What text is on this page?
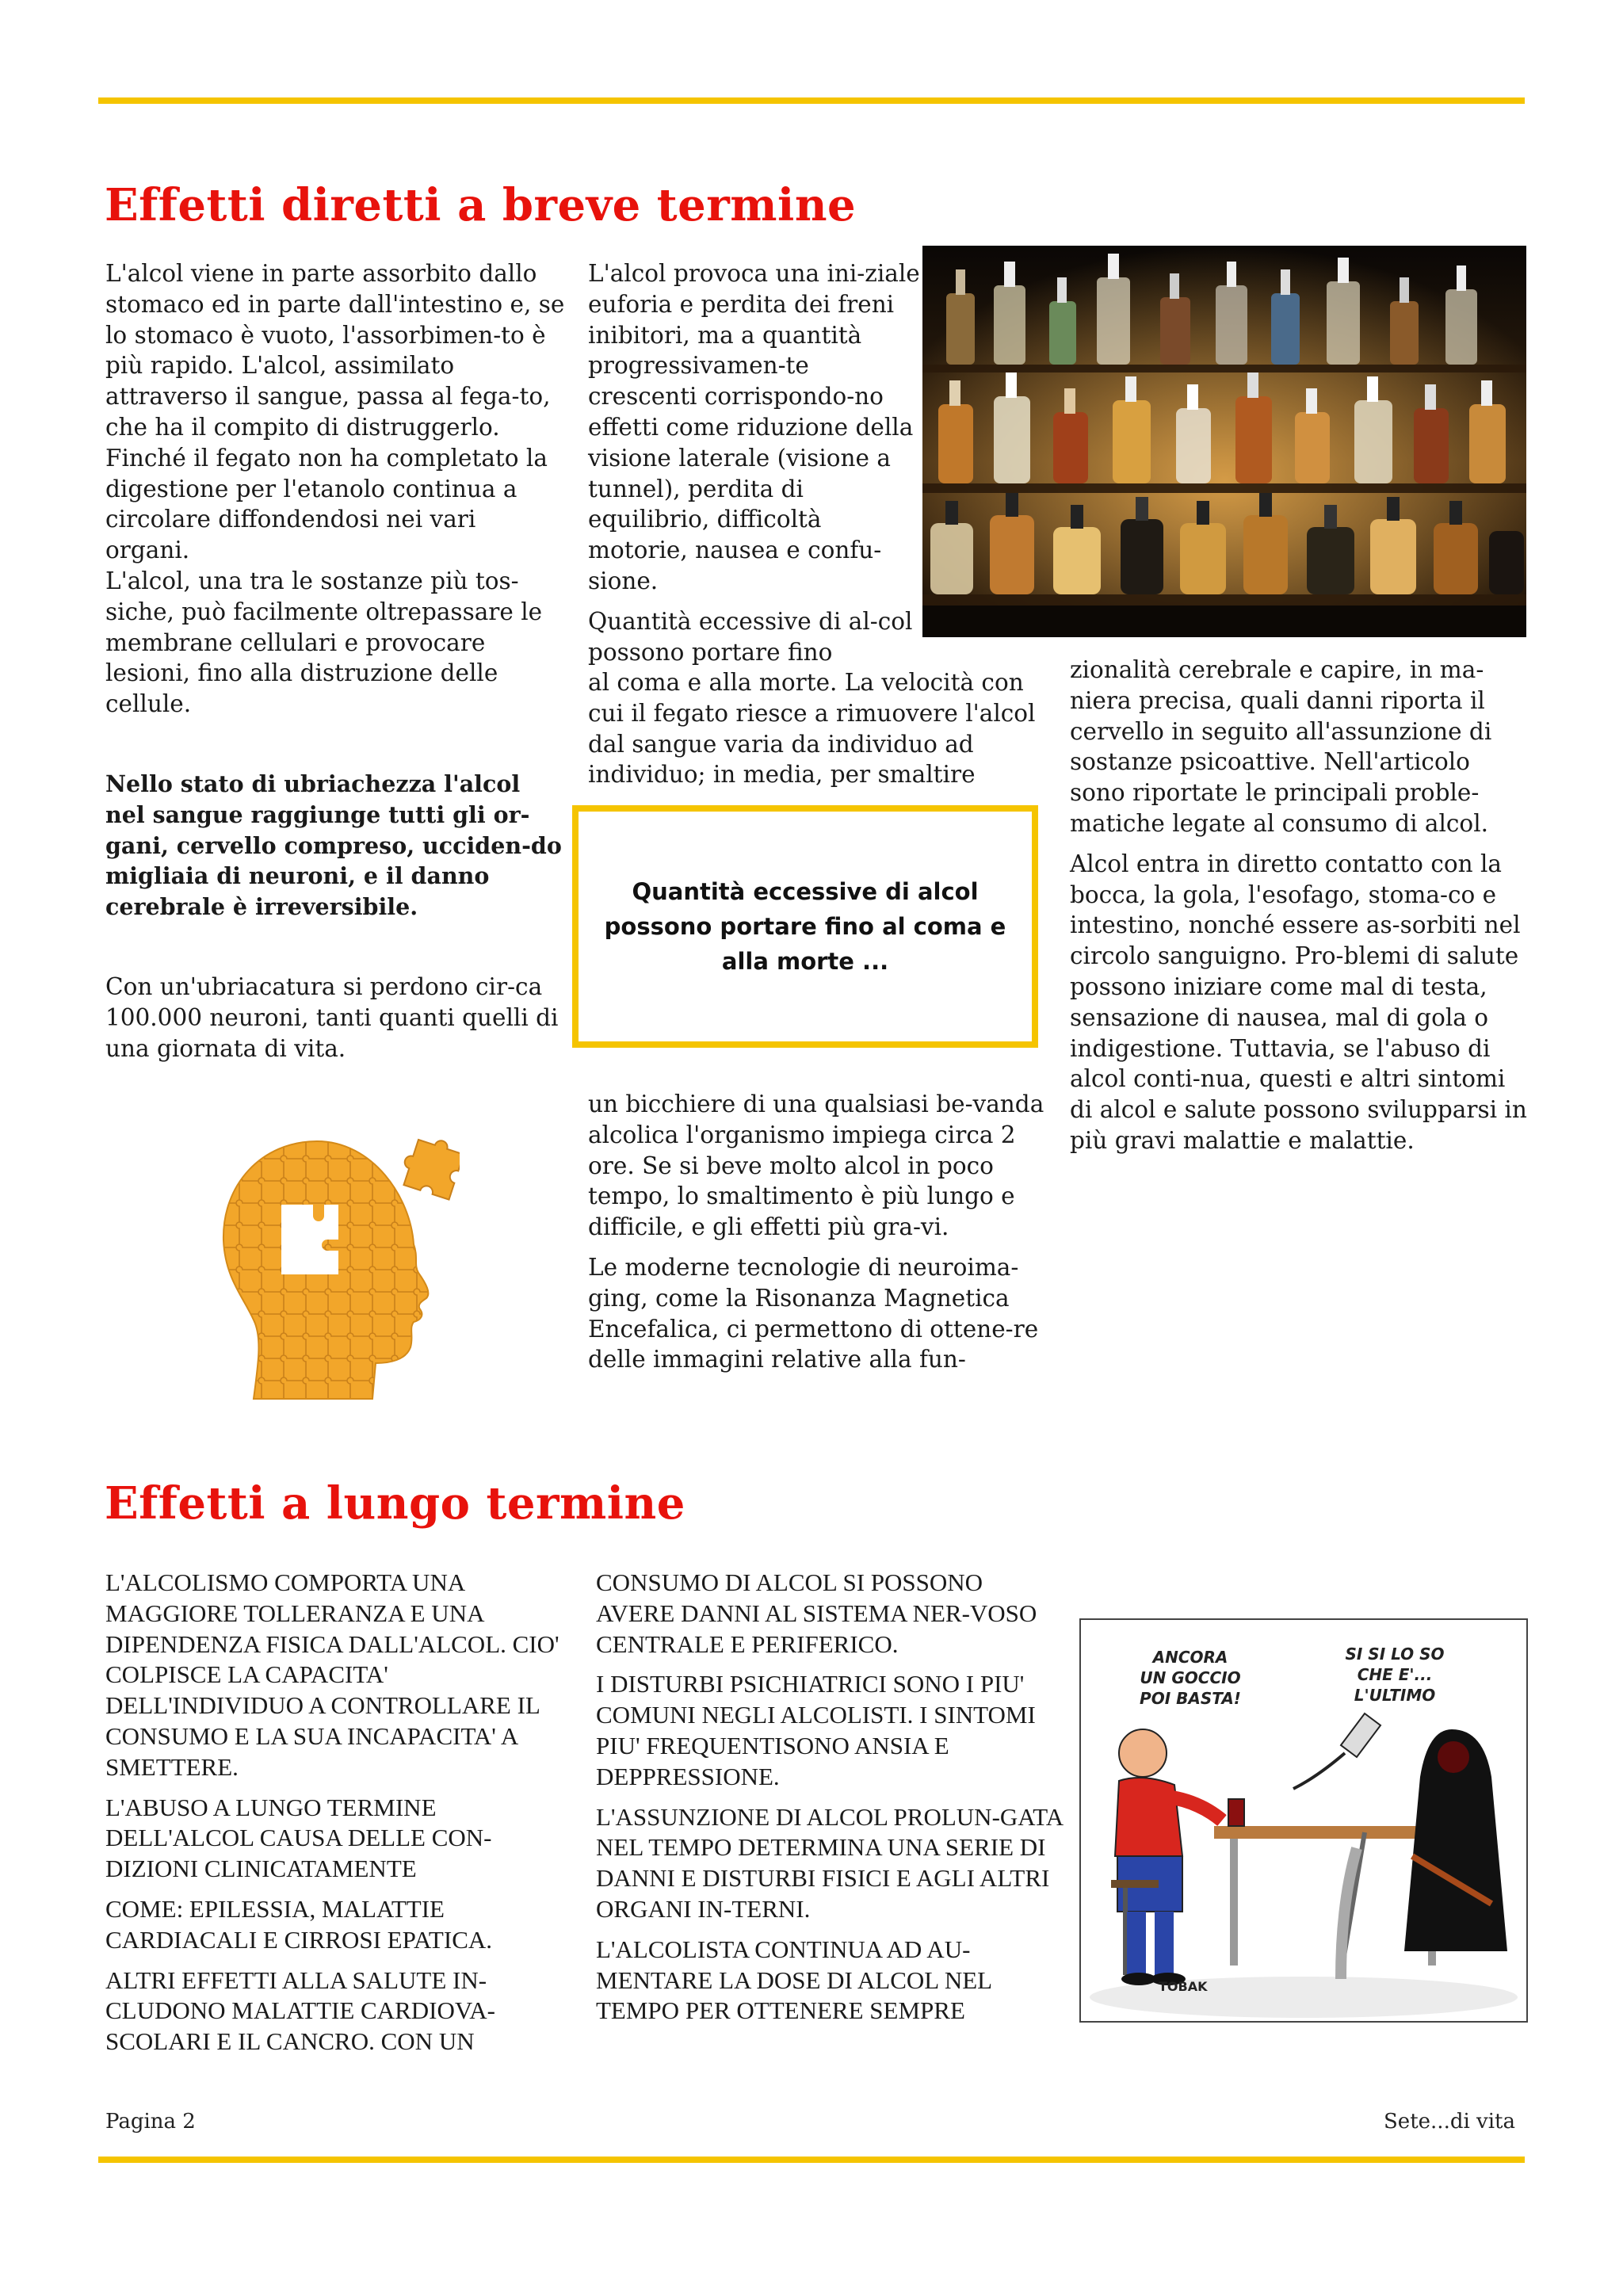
Effetti diretti a breve termine

L'alcol viene in parte assorbito dallo stomaco ed in parte dall'intestino e, se lo stomaco è vuoto, l'assorbimen-to è più rapido. L'alcol, assimilato attraverso il sangue, passa al fega-to, che ha il compito di distruggerlo. Finché il fegato non ha completato la digestione per l'etanolo continua a circolare diffondendosi nei vari organi.

L'alcol, una tra le sostanze più tos-siche, può facilmente oltrepassare le membrane cellulari e provocare lesioni, fino alla distruzione delle cellule.

Nello stato di ubriachezza l'alcol nel sangue raggiunge tutti gli or-gani, cervello compreso, ucciden-do migliaia di neuroni, e il danno cerebrale è irreversibile.

Con un'ubriacatura si perdono cir-ca 100.000 neuroni, tanti quanti quelli di una giornata di vita.

L'alcol provoca una ini-ziale euforia e perdita dei freni inibitori, ma a quantità progressivamen-te crescenti corrispondo-no effetti come riduzione della visione laterale (visione a tunnel), perdita di equilibrio, difficoltà motorie, nausea e confu-sione.

Quantità eccessive di al-col possono portare fino

al coma e alla morte. La velocità con cui il fegato riesce a rimuovere l'alcol dal sangue varia da individuo ad individuo; in media, per smaltire

Quantità eccessive di alcol possono portare fino al coma e alla morte ...

un bicchiere di una qualsiasi be-vanda alcolica l'organismo impiega circa 2 ore. Se si beve molto alcol in poco tempo, lo smaltimento è più lungo e difficile, e gli effetti più gra-vi.

Le moderne tecnologie di neuroima-ging, come la Risonanza Magnetica Encefalica, ci permettono di ottene-re delle immagini relative alla fun-

zionalità cerebrale e capire, in ma-niera precisa, quali danni riporta il cervello in seguito all'assunzione di sostanze psicoattive. Nell'articolo sono riportate le principali proble-matiche legate al consumo di alcol.

Alcol entra in diretto contatto con la bocca, la gola, l'esofago, stoma-co e intestino, nonché essere as-sorbiti nel circolo sanguigno. Pro-blemi di salute possono iniziare come mal di testa, sensazione di nausea, mal di gola o indigestione. Tuttavia, se l'abuso di alcol conti-nua, questi e altri sintomi di alcol e salute possono svilupparsi in più gravi malattie e malattie.

Effetti a lungo termine

L'ALCOLISMO COMPORTA UNA MAGGIORE TOLLERANZA E UNA DIPENDENZA FISICA DALL'ALCOL. CIO' COLPISCE LA CAPACITA' DELL'INDIVIDUO A CONTROLLARE IL CONSUMO E LA SUA INCAPACITA' A SMETTERE.

L'ABUSO A LUNGO TERMINE DELL'ALCOL CAUSA DELLE CON-DIZIONI CLINICATAMENTE

COME: EPILESSIA, MALATTIE CARDIACALI E CIRROSI EPATICA.

ALTRI EFFETTI ALLA SALUTE IN-CLUDONO MALATTIE CARDIOVA-SCOLARI E IL CANCRO. CON UN

CONSUMO DI ALCOL SI POSSONO AVERE DANNI AL SISTEMA NER-VOSO CENTRALE E PERIFERICO.

I DISTURBI PSICHIATRICI SONO I PIU' COMUNI NEGLI ALCOLISTI. I SINTOMI PIU' FREQUENTISONO ANSIA E DEPPRESSIONE.

L'ASSUNZIONE DI ALCOL PROLUN-GATA NEL TEMPO DETERMINA UNA SERIE DI DANNI E DISTURBI FISICI E AGLI ALTRI ORGANI IN-TERNI.

L'ALCOLISTA CONTINUA AD AU-MENTARE LA DOSE DI ALCOL NEL TEMPO PER OTTENERE SEMPRE

ANCORA UN GOCCIO POI BASTA!
SI SI LO SO CHE E'... L'ULTIMO
TOBAK
Pagina 2	Sete...di vita
